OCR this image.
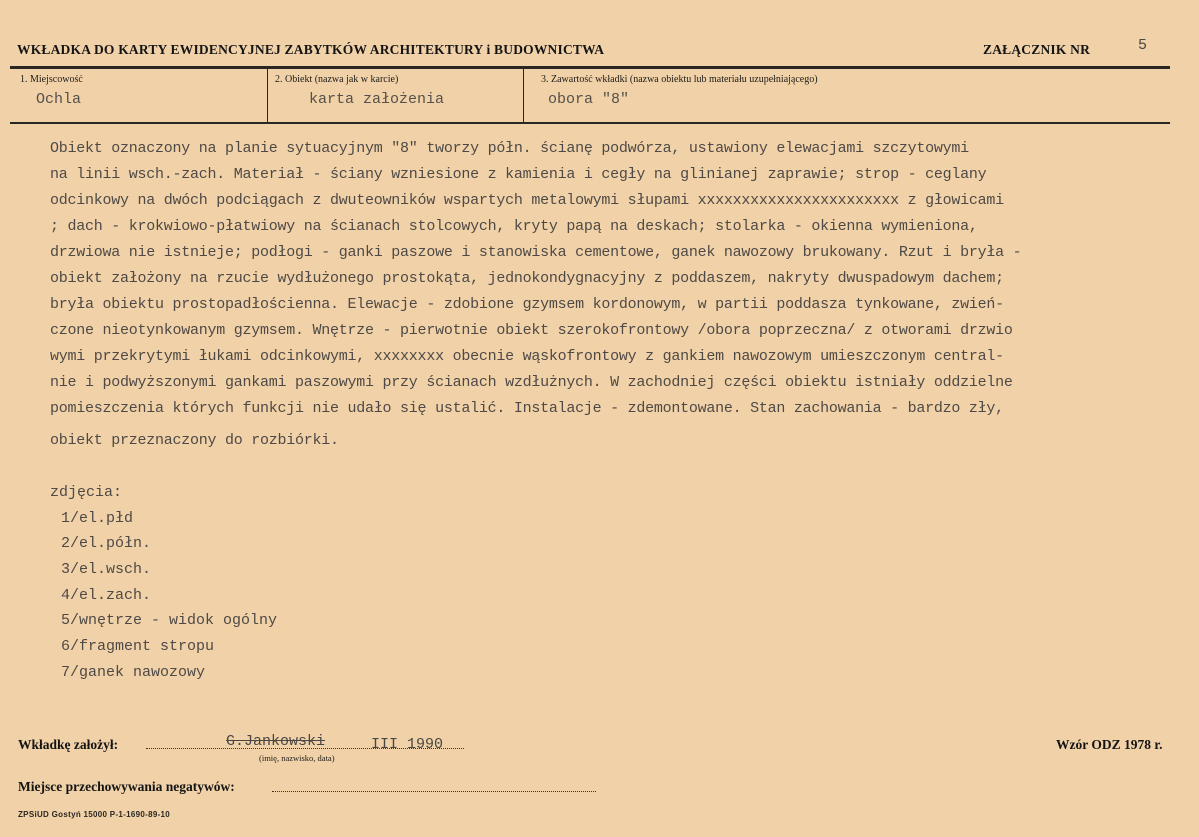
WKŁADKA DO KARTY EWIDENCYJNEJ ZABYTKÓW ARCHITEKTURY i BUDOWNICTWA	ZAŁĄCZNIK NR	5
1. Miejscowość
Ochla
2. Obiekt (nazwa jak w karcie)
karta założenia
3. Zawartość wkładki (nazwa obiektu lub materiału uzupełniającego)
obora "8"
Obiekt oznaczony na planie sytuacyjnym "8" tworzy półn. ścianę podwórza, ustawiony elewacjami szczytowymi
na linii wsch.-zach. Materiał - ściany wzniesione z kamienia i cegły na glinianej zaprawie; strop - ceglany
odcinkowy na dwóch podciągach z dwuteowników wspartych metalowymi słupami xxxxxxxxxxxxxxxxxxxxxxx z głowicami
; dach - krokwiowo-płatwiowy na ścianach stolcowych, kryty papą na deskach; stolarka - okienna wymieniona,
drzwiowa nie istnieje; podłogi - ganki paszowe i stanowiska cementowe, ganek nawozowy brukowany. Rzut i bryła -
obiekt założony na rzucie wydłużonego prostokąta, jednokondygnacyjny z poddaszem, nakryty dwuspadowym dachem;
bryła obiektu prostopadłościenna. Elewacje - zdobione gzymsem kordonowym, w partii poddasza tynkowane, zwień-
czone nieotynkowanym gzymsem. Wnętrze - pierwotnie obiekt szerokofrontowy /obora poprzeczna/ z otworami drzwio
wymi przekrytymi łukami odcinkowymi, xxxxxxxx obecnie wąskofrontowy z gankiem nawozowym umieszczonym central-
nie i podwyższonymi gankami paszowymi przy ścianach wzdłużnych. W zachodniej części obiektu istniały oddzielne
pomieszczenia których funkcji nie udało się ustalić. Instalacje - zdemontowane. Stan zachowania - bardzo zły,
obiekt przeznaczony do rozbiórki.
zdjęcia:
1/el.płd
2/el.półn.
3/el.wsch.
4/el.zach.
5/wnętrze - widok ogólny
6/fragment stropu
7/ganek nawozowy
Wkładkę założył:	G.Jankowski	III 1990
(imię, nazwisko, data)
Wzór ODZ 1978 r.
Miejsce przechowywania negatywów:
ZPSiUD Gostyń 15000 P-1-1690-89-10
